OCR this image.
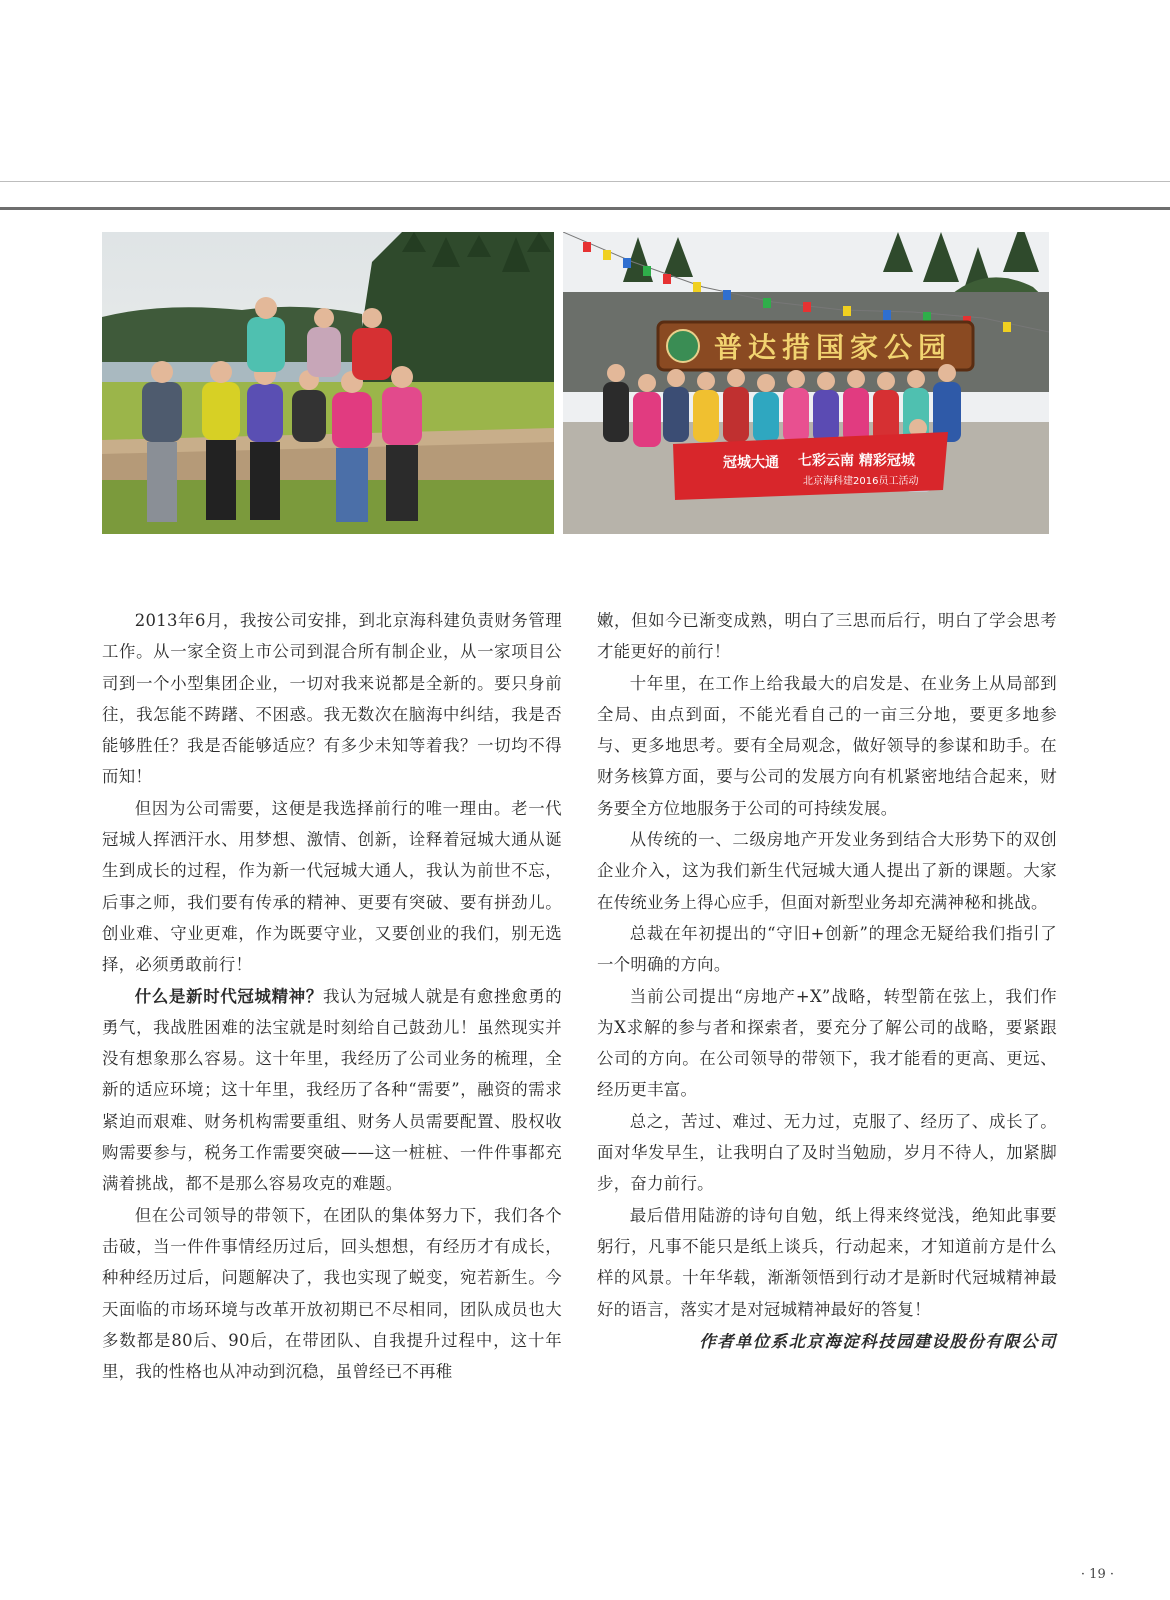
普达措国家公园
冠城大通 七彩云南 精彩冠城
北京海科建2016员工活动

2013年6月，我按公司安排，到北京海科建负责财务管理工作。从一家全资上市公司到混合所有制企业，从一家项目公司到一个小型集团企业，一切对我来说都是全新的。要只身前往，我怎能不踌躇、不困惑。我无数次在脑海中纠结，我是否能够胜任？我是否能够适应？有多少未知等着我？一切均不得而知！

但因为公司需要，这便是我选择前行的唯一理由。老一代冠城人挥洒汗水、用梦想、激情、创新，诠释着冠城大通从诞生到成长的过程，作为新一代冠城大通人，我认为前世不忘，后事之师，我们要有传承的精神、更要有突破、要有拼劲儿。创业难、守业更难，作为既要守业，又要创业的我们，别无选择，必须勇敢前行！

什么是新时代冠城精神？我认为冠城人就是有愈挫愈勇的勇气，我战胜困难的法宝就是时刻给自己鼓劲儿！虽然现实并没有想象那么容易。这十年里，我经历了公司业务的梳理，全新的适应环境；这十年里，我经历了各种“需要”，融资的需求紧迫而艰难、财务机构需要重组、财务人员需要配置、股权收购需要参与，税务工作需要突破——这一桩桩、一件件事都充满着挑战，都不是那么容易攻克的难题。

但在公司领导的带领下，在团队的集体努力下，我们各个击破，当一件件事情经历过后，回头想想，有经历才有成长，种种经历过后，问题解决了，我也实现了蜕变，宛若新生。今天面临的市场环境与改革开放初期已不尽相同，团队成员也大多数都是80后、90后，在带团队、自我提升过程中，这十年里，我的性格也从冲动到沉稳，虽曾经已不再稚

嫩，但如今已渐变成熟，明白了三思而后行，明白了学会思考才能更好的前行！

十年里，在工作上给我最大的启发是、在业务上从局部到全局、由点到面，不能光看自己的一亩三分地，要更多地参与、更多地思考。要有全局观念，做好领导的参谋和助手。在财务核算方面，要与公司的发展方向有机紧密地结合起来，财务要全方位地服务于公司的可持续发展。

从传统的一、二级房地产开发业务到结合大形势下的双创企业介入，这为我们新生代冠城大通人提出了新的课题。大家在传统业务上得心应手，但面对新型业务却充满神秘和挑战。

总裁在年初提出的“守旧+创新”的理念无疑给我们指引了一个明确的方向。

当前公司提出“房地产+X”战略，转型箭在弦上，我们作为X求解的参与者和探索者，要充分了解公司的战略，要紧跟公司的方向。在公司领导的带领下，我才能看的更高、更远、经历更丰富。

总之，苦过、难过、无力过，克服了、经历了、成长了。面对华发早生，让我明白了及时当勉励，岁月不待人，加紧脚步，奋力前行。

最后借用陆游的诗句自勉，纸上得来终觉浅，绝知此事要躬行，凡事不能只是纸上谈兵，行动起来，才知道前方是什么样的风景。十年华载，渐渐领悟到行动才是新时代冠城精神最好的语言，落实才是对冠城精神最好的答复！

作者单位系北京海淀科技园建设股份有限公司
· 19 ·
